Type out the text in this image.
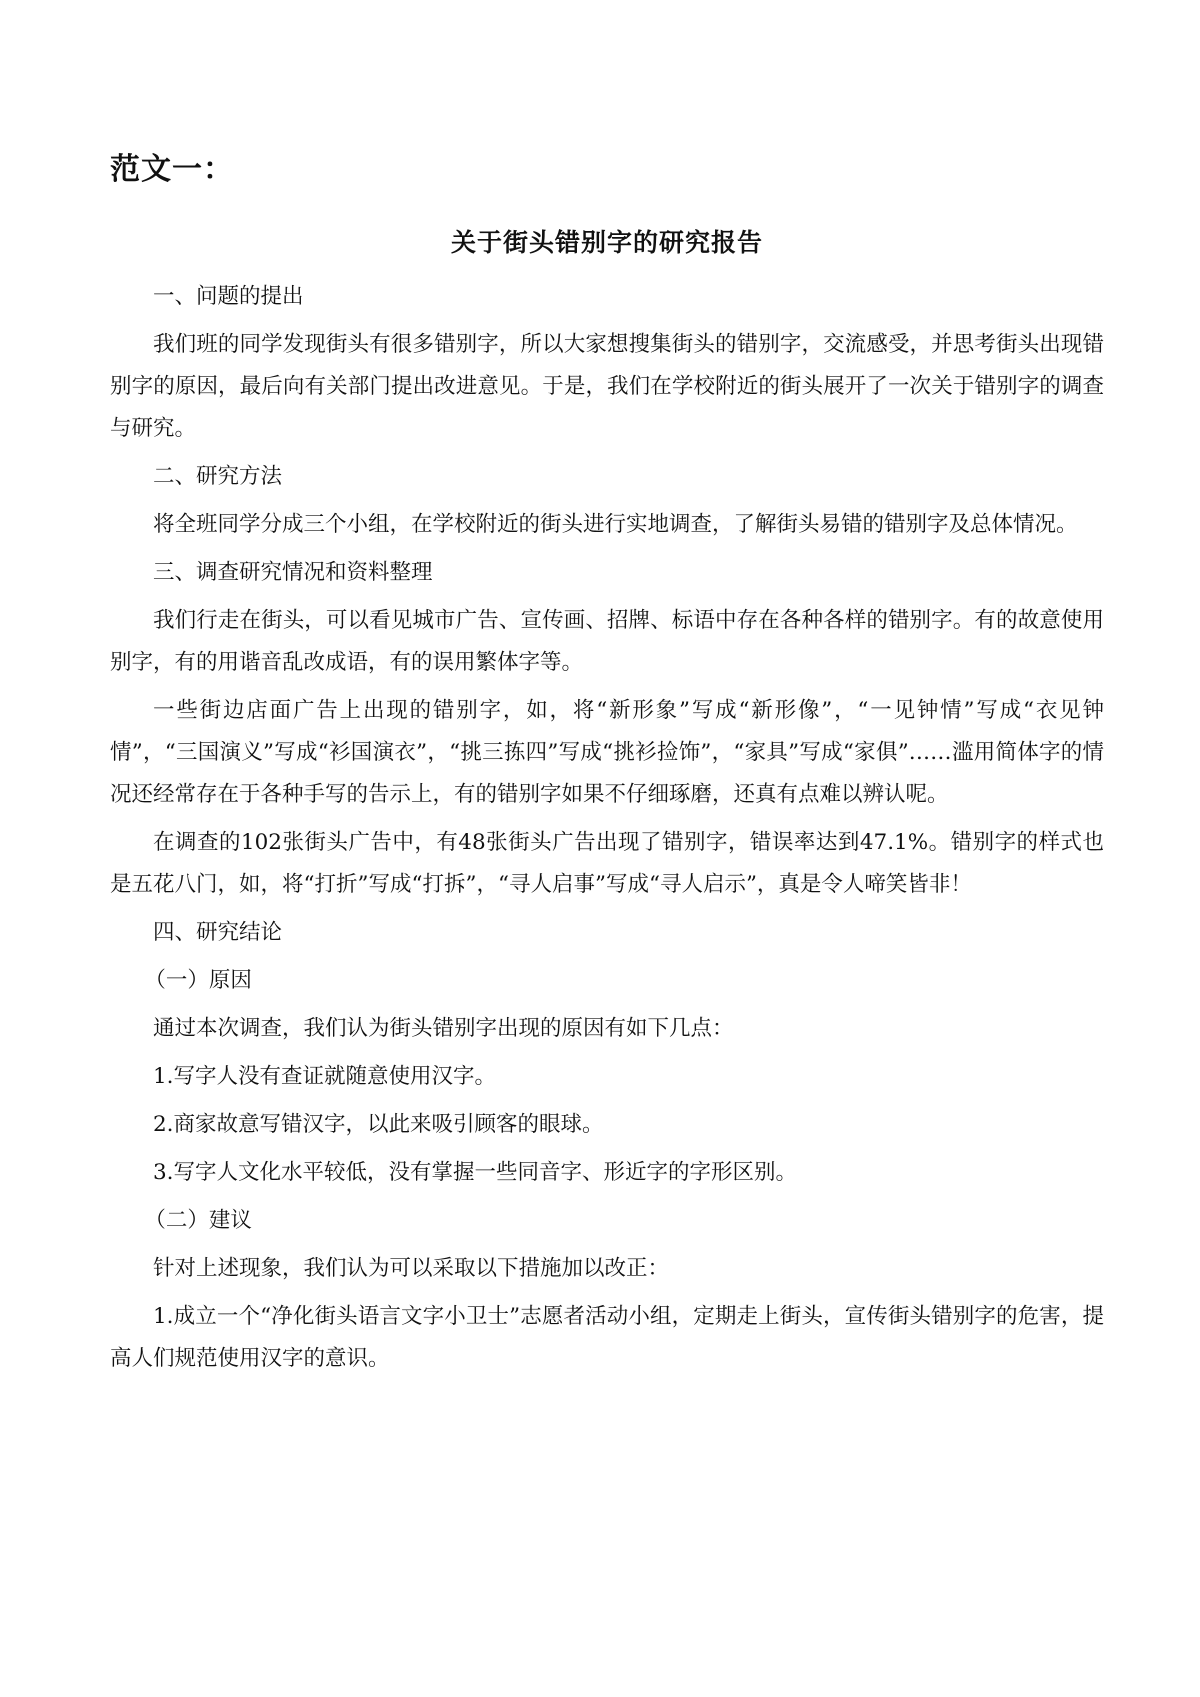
范文一：
关于街头错别字的研究报告

一、问题的提出

我们班的同学发现街头有很多错别字，所以大家想搜集街头的错别字，交流感受，并思考街头出现错别字的原因，最后向有关部门提出改进意见。于是，我们在学校附近的街头展开了一次关于错别字的调查与研究。

二、研究方法

将全班同学分成三个小组，在学校附近的街头进行实地调查，了解街头易错的错别字及总体情况。

三、调查研究情况和资料整理

我们行走在街头，可以看见城市广告、宣传画、招牌、标语中存在各种各样的错别字。有的故意使用别字，有的用谐音乱改成语，有的误用繁体字等。

一些街边店面广告上出现的错别字，如，将“新形象”写成“新形像”，“一见钟情”写成“衣见钟情”，“三国演义”写成“衫国演衣”，“挑三拣四”写成“挑衫捡饰”，“家具”写成“家俱”……滥用简体字的情况还经常存在于各种手写的告示上，有的错别字如果不仔细琢磨，还真有点难以辨认呢。

在调查的102张街头广告中，有48张街头广告出现了错别字，错误率达到47.1%。错别字的样式也是五花八门，如，将“打折”写成“打拆”，“寻人启事”写成“寻人启示”，真是令人啼笑皆非！

四、研究结论

（一）原因

通过本次调查，我们认为街头错别字出现的原因有如下几点：

1.写字人没有查证就随意使用汉字。

2.商家故意写错汉字，以此来吸引顾客的眼球。

3.写字人文化水平较低，没有掌握一些同音字、形近字的字形区别。

（二）建议

针对上述现象，我们认为可以采取以下措施加以改正：

1.成立一个“净化街头语言文字小卫士”志愿者活动小组，定期走上街头，宣传街头错别字的危害，提高人们规范使用汉字的意识。
